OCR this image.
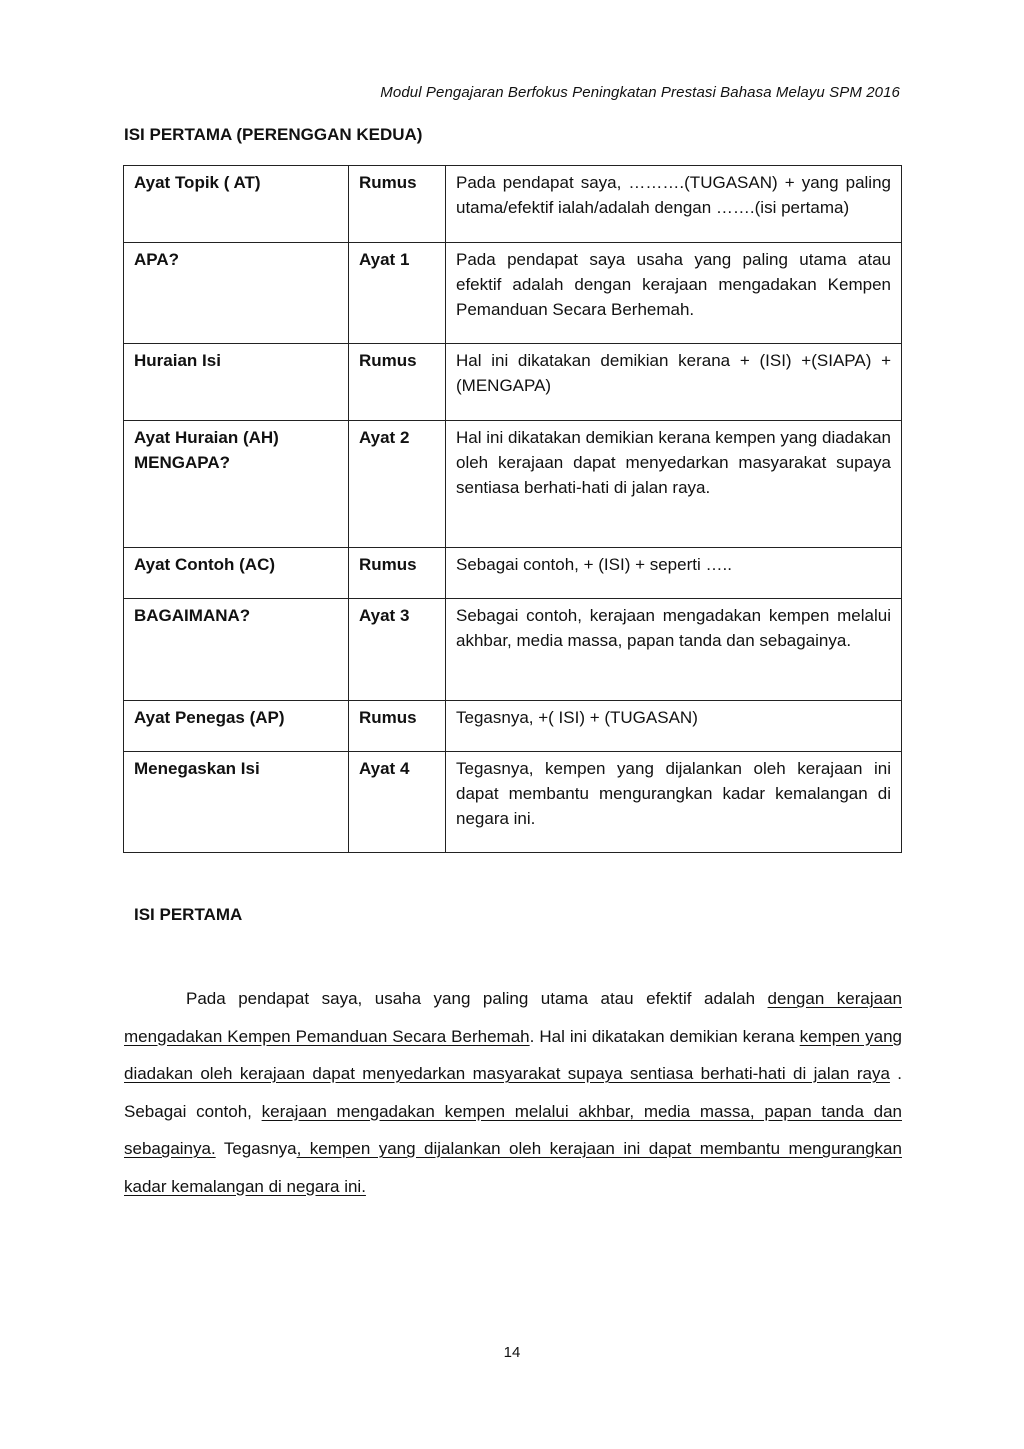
Modul Pengajaran Berfokus Peningkatan Prestasi Bahasa Melayu SPM 2016
ISI PERTAMA (PERENGGAN KEDUA)
Ayat Topik ( AT)	Rumus	Pada pendapat saya, ……….(TUGASAN) + yang paling utama/efektif ialah/adalah dengan …….(isi pertama)
APA?	Ayat 1	Pada pendapat saya usaha yang paling utama atau efektif adalah dengan kerajaan mengadakan Kempen Pemanduan Secara Berhemah.
Huraian Isi	Rumus	Hal ini dikatakan demikian kerana + (ISI) +(SIAPA) + (MENGAPA)

Ayat Huraian (AH)
MENGAPA?	Ayat 2	Hal ini dikatakan demikian kerana kempen yang diadakan oleh kerajaan dapat menyedarkan masyarakat supaya sentiasa berhati-hati di jalan raya.
Ayat Contoh (AC)	Rumus	Sebagai contoh, + (ISI) + seperti …..
BAGAIMANA?	Ayat 3	Sebagai contoh, kerajaan mengadakan kempen melalui akhbar, media massa, papan tanda dan sebagainya.
Ayat Penegas (AP)	Rumus	Tegasnya, +( ISI) + (TUGASAN)
Menegaskan Isi	Ayat 4	Tegasnya, kempen yang dijalankan oleh kerajaan ini dapat membantu mengurangkan kadar kemalangan di negara ini.
ISI PERTAMA
Pada pendapat saya, usaha yang paling utama atau efektif adalah dengan kerajaan mengadakan Kempen Pemanduan Secara Berhemah. Hal ini dikatakan demikian kerana kempen yang diadakan oleh kerajaan dapat menyedarkan masyarakat supaya sentiasa berhati-hati di jalan raya . Sebagai contoh, kerajaan mengadakan kempen melalui akhbar, media massa, papan tanda dan sebagainya. Tegasnya, kempen yang dijalankan oleh kerajaan ini dapat membantu mengurangkan kadar kemalangan di negara ini.
14
